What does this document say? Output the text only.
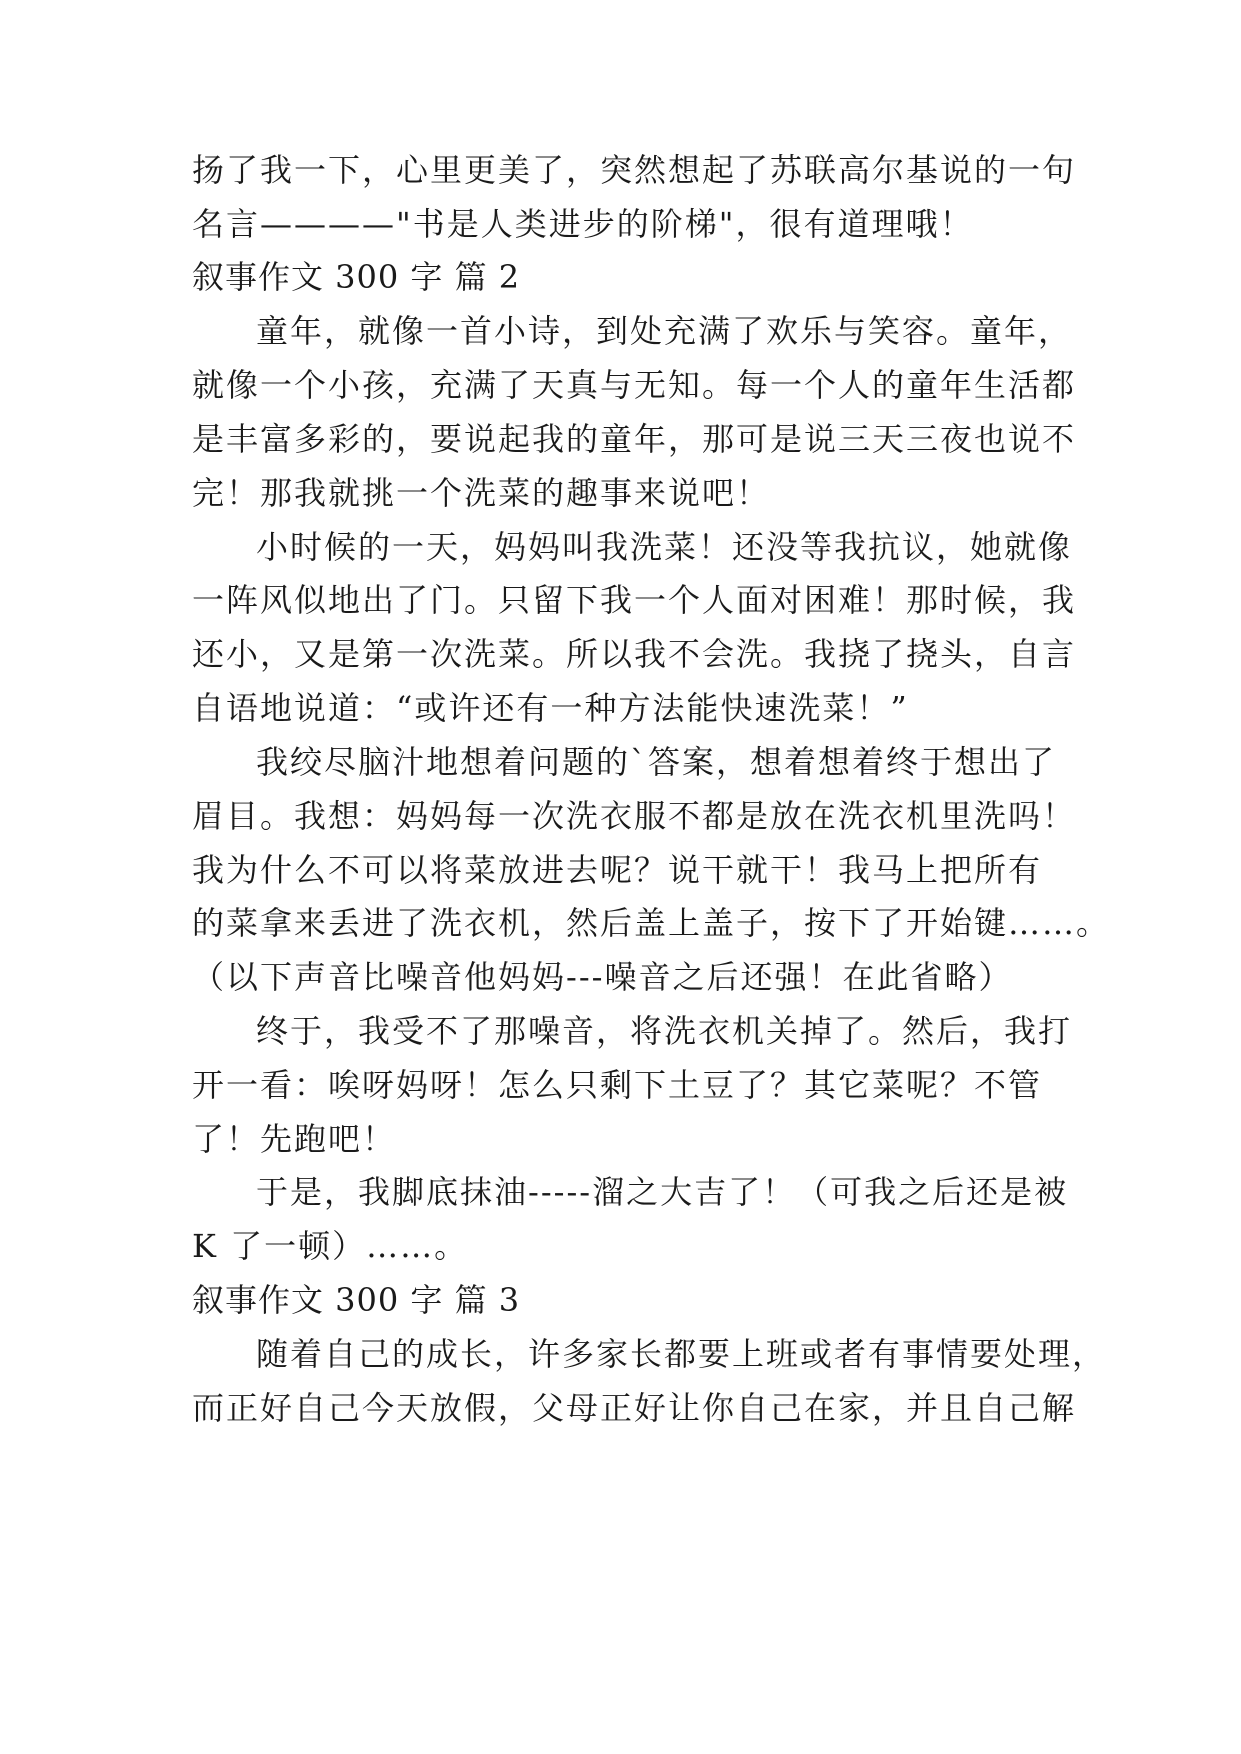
扬了我一下，心里更美了，突然想起了苏联高尔基说的一句
名言————"书是人类进步的阶梯"，很有道理哦！
叙事作文 300 字 篇 2
童年，就像一首小诗，到处充满了欢乐与笑容。童年，
就像一个小孩，充满了天真与无知。每一个人的童年生活都
是丰富多彩的，要说起我的童年，那可是说三天三夜也说不
完！那我就挑一个洗菜的趣事来说吧！
小时候的一天，妈妈叫我洗菜！还没等我抗议，她就像
一阵风似地出了门。只留下我一个人面对困难！那时候，我
还小，又是第一次洗菜。所以我不会洗。我挠了挠头，自言
自语地说道：“或许还有一种方法能快速洗菜！”
我绞尽脑汁地想着问题的`答案，想着想着终于想出了
眉目。我想：妈妈每一次洗衣服不都是放在洗衣机里洗吗！
我为什么不可以将菜放进去呢？说干就干！我马上把所有
的菜拿来丢进了洗衣机，然后盖上盖子，按下了开始键……。
（以下声音比噪音他妈妈---噪音之后还强！在此省略）
终于，我受不了那噪音，将洗衣机关掉了。然后，我打
开一看：唉呀妈呀！怎么只剩下土豆了？其它菜呢？不管
了！先跑吧！
于是，我脚底抹油-----溜之大吉了！（可我之后还是被
K 了一顿）……。
叙事作文 300 字 篇 3
随着自己的成长，许多家长都要上班或者有事情要处理，
而正好自己今天放假，父母正好让你自己在家，并且自己解
